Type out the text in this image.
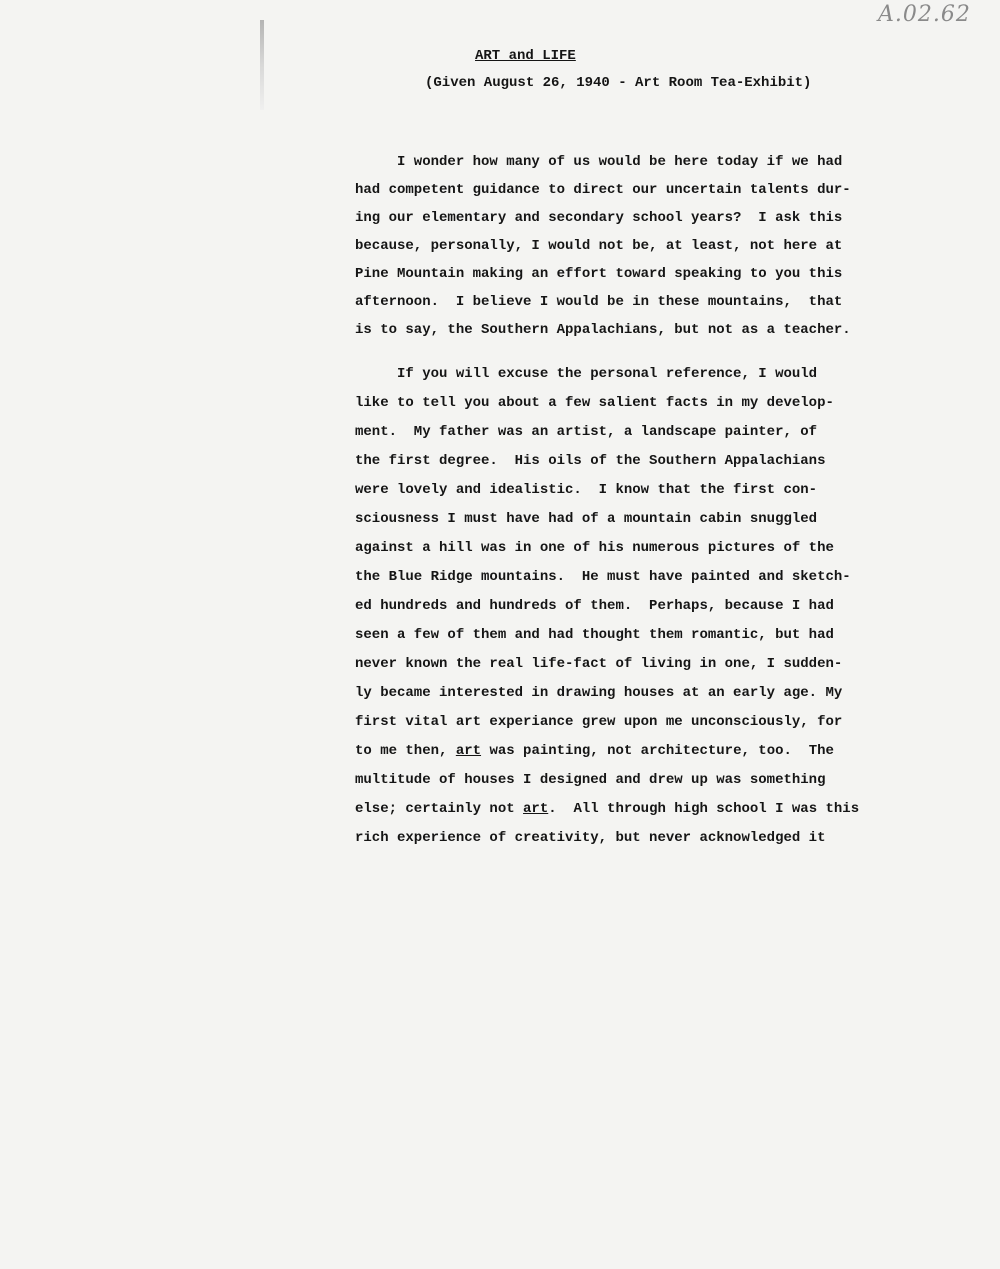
A.02.62
ART and LIFE
(Given August 26, 1940 - Art Room Tea-Exhibit)
I wonder how many of us would be here today if we had
had competent guidance to direct our uncertain talents dur-
ing our elementary and secondary school years?  I ask this
because, personally, I would not be, at least, not here at
Pine Mountain making an effort toward speaking to you this
afternoon.  I believe I would be in these mountains,  that
is to say, the Southern Appalachians, but not as a teacher.
If you will excuse the personal reference, I would
like to tell you about a few salient facts in my develop-
ment.  My father was an artist, a landscape painter, of
the first degree.  His oils of the Southern Appalachians
were lovely and idealistic.  I know that the first con-
sciousness I must have had of a mountain cabin snuggled
against a hill was in one of his numerous pictures of the
the Blue Ridge mountains.  He must have painted and sketch-
ed hundreds and hundreds of them.  Perhaps, because I had
seen a few of them and had thought them romantic, but had
never known the real life-fact of living in one, I sudden-
ly became interested in drawing houses at an early age. My
first vital art experiance grew upon me unconsciously, for
to me then, art was painting, not architecture, too.  The
multitude of houses I designed and drew up was something
else; certainly not art.  All through high school I was this
rich experience of creativity, but never acknowledged it
